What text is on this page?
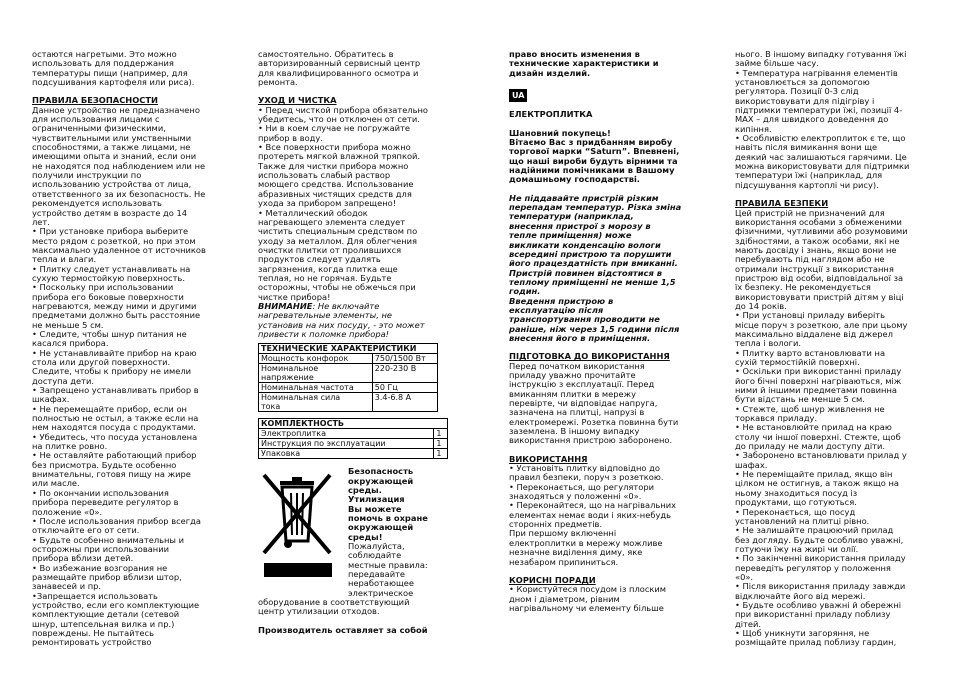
остаются нагретыми. Это можно
использовать для поддержания
температуры пищи (например, для
подсушивания картофеля или риса).

ПРАВИЛА БЕЗОПАСНОСТИ

Данное устройство не предназначено
для использования лицами с
ограниченными физическими,
чувствительными или умственными
способностями, а также лицами, не
имеющими опыта и знаний, если они
не находятся под наблюдением или не
получили инструкции по
использованию устройства от лица,
ответственного за их безопасность. Не
рекомендуется использовать
устройство детям в возрасте до 14
лет.

• При установке прибора выберите
место рядом с розеткой, но при этом
максимально удаленное от источников
тепла и влаги.

• Плитку следует устанавливать на
сухую термостойкую поверхность.

• Поскольку при использовании
прибора его боковые поверхности
нагреваются, между ними и другими
предметами должно быть расстояние
не меньше 5 см.

• Следите, чтобы шнур питания не
касался прибора.

• Не устанавливайте прибор на краю
стола или другой поверхности.
Следите, чтобы к прибору не имели
доступа дети.

• Запрещено устанавливать прибор в
шкафах.

• Не перемещайте прибор, если он
полностью не остыл, а также если на
нем находятся посуда с продуктами.

• Убедитесь, что посуда установлена
на плитке ровно.

• Не оставляйте работающий прибор
без присмотра. Будьте особенно
внимательны, готовя пищу на жире
или масле.

• По окончании использования
прибора переведите регулятор в
положение «0».

• После использования прибор всегда
отключайте его от сети.

• Будьте особенно внимательны и
осторожны при использовании
прибора вблизи детей.

• Во избежание возгорания не
размещайте прибор вблизи штор,
занавесей и пр.

•Запрещается использовать
устройство, если его комплектующие
комплектующие детали (сетевой
шнур, штепсельная вилка и пр.)
повреждены. Не пытайтесь
ремонтировать устройство

самостоятельно. Обратитесь в
авторизированный сервисный центр
для квалифицированного осмотра и
ремонта.

УХОД И ЧИСТКА

• Перед чисткой прибора обязательно
убедитесь, что он отключен от сети.

• Ни в коем случае не погружайте
прибор в воду.

• Все поверхности прибора можно
протереть мягкой влажной тряпкой.
Также для чистки прибора можно
использовать слабый раствор
моющего средства. Использование
абразивных чистящих средств для
ухода за прибором запрещено!

• Металлический ободок
нагревающего элемента следует
чистить специальным средством по
уходу за металлом. Для облегчения
очистки плитки от пролившихся
продуктов следует удалять
загрязнения, когда плитка еще
теплая, но не горячая. Будьте
осторожны, чтобы не обжечься при
чистке прибора!

ВНИМАНИЕ: Не включайте
нагревательные элементы, не
установив на них посуду, - это может
привести к поломке прибора!

ТЕХНИЧЕСКИЕ ХАРАКТЕРИСТИКИ	
Мощность конфорок	750/1500 Вт
Номинальное
напряжение	220-230 В
Номинальная частота	50 Гц
Номинальная сила
тока	3.4-6.8 А
КОМПЛЕКТНОСТЬ	
Электроплитка	1
Инструкция по эксплуатации	1
Упаковка	1

Безопасность
окружающей
среды.
Утилизация
Вы можете
помочь в охране
окружающей
среды!

Пожалуйста,
соблюдайте
местные правила:
передавайте
неработающее
электрическое

оборудование в соответствующий
центр утилизации отходов.

Производитель оставляет за собой

право вносить изменения в
технические характеристики и
дизайн изделий.

UA

ЕЛЕКТРОПЛИТКА

Шановний покупець!
Вітаємо Вас з придбанням виробу
торгової марки “Saturn”. Впевнені,
що наші вироби будуть вірними та
надійними помічниками в Вашому
домашньому господарстві.

Не піддавайте пристрій різким
перепадам температур. Різка зміна
температури (наприклад,
внесення пристрої з морозу в
тепле приміщення) може
викликати конденсацію вологи
всередині пристрою та порушити
його працездатність при вмиканні.
Пристрій повинен відстоятися в
теплому приміщенні не менше 1,5
годин.
Введення пристрою в
експлуатацію після
транспортування проводити не
раніше, ніж через 1,5 години після
внесення його в приміщення.

ПІДГОТОВКА ДО ВИКОРИСТАННЯ

Перед початком використання
приладу уважно прочитайте
інструкцію з експлуатації. Перед
вмиканням плитки в мережу
перевірте, чи відповідає напруга,
зазначена на плитці, напрузі в
електромережі. Розетка повинна бути
заземлена. В іншому випадку
використання пристрою заборонено.

ВИКОРИСТАННЯ

• Установіть плитку відповідно до
правил безпеки, поруч з розеткою.

• Переконається, що регулятори
знаходяться у положенні «0».

• Переконайтеся, що на нагрівальних
елементах немає води і яких-небудь
сторонніх предметів.
При першому включенні
електроплитки в мережу можливе
незначне виділення диму, яке
незабаром припиниться.

КОРИСНІ ПОРАДИ

• Користуйтеся посудом із плоским
дном і діаметром, рівним
нагрівальному чи елементу більше

нього. В іншому випадку готування їжі
займе більше часу.

• Температура нагрівання елементів
установлюється за допомогою
регулятора. Позиції 0-3 слід
використовувати для підігріву і
підтримки температури їжі, позиції 4-
MAX – для швидкого доведення до
кипіння.

• Особливістю електроплиток є те, що
навіть після вимикання вони ще
деякий час залишаються гарячими. Це
можна використовувати для підтримки
температури їжі (наприклад, для
підсушування картоплі чи рису).

ПРАВИЛА БЕЗПЕКИ

Цей пристрій не призначений для
використання особами з обмеженими
фізичними, чутливими або розумовими
здібностями, а також особами, які не
мають досвіду і знань, якщо вони не
перебувають під наглядом або не
отримали інструкції з використання
пристрою від особи, відповідальної за
їх безпеку. Не рекомендується
використовувати пристрій дітям у віці
до 14 років.

• При установці приладу виберіть
місце поруч з розеткою, але при цьому
максимально віддалене від джерел
тепла і вологи.

• Плитку варто встановлювати на
сухій термостійкій поверхні.

• Оскільки при використанні приладу
його бічні поверхні нагріваються, між
ними й іншими предметами повинна
бути відстань не менше 5 см.

• Стежте, щоб шнур живлення не
торкався приладу.

• Не встановлюйте прилад на краю
столу чи іншої поверхні. Стежте, щоб
до приладу не мали доступу діти.

• Заборонено встановлювати прилад у
шафах.

• Не переміщайте прилад, якщо він
цілком не остигнув, а також якщо на
ньому знаходиться посуд із
продуктами, що готуються.

• Переконається, що посуд
установлений на плитці рівно.

• Не залишайте працюючий прилад
без догляду. Будьте особливо уважні,
готуючи їжу на жирі чи олії.

• По закінченні використання приладу
переведіть регулятор у положення
«0».

• Після використання приладу завжди
відключайте його від мережі.

• Будьте особливо уважні й обережні
при використанні приладу поблизу
дітей.

• Щоб уникнути загоряння, не
розміщайте прилад поблизу гардин,
